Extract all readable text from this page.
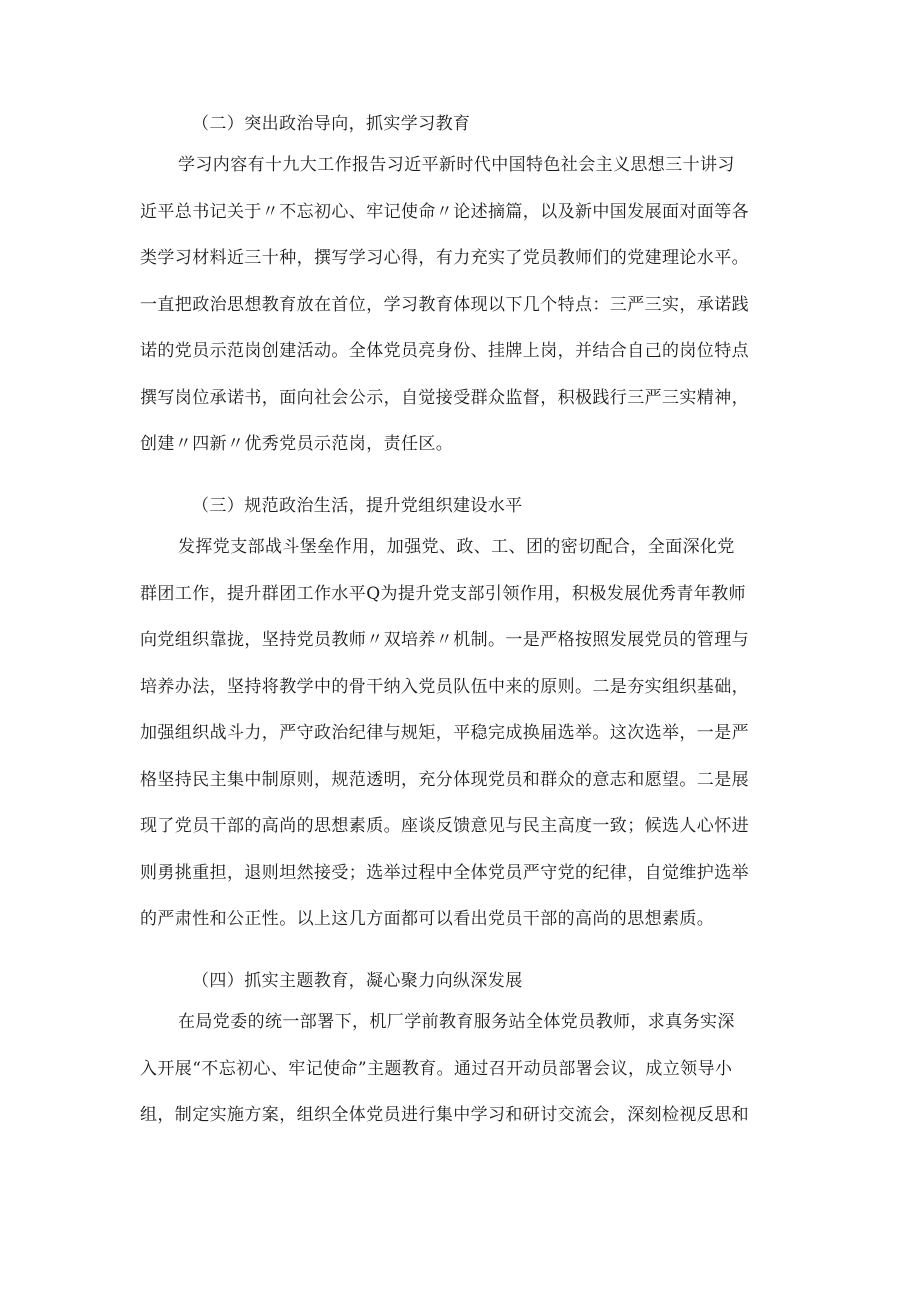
（二）突出政治导向，抓实学习教育
学习内容有十九大工作报告习近平新时代中国特色社会主义思想三十讲习
近平总书记关于〃不忘初心、牢记使命〃论述摘篇，以及新中国发展面对面等各
类学习材料近三十种，撰写学习心得，有力充实了党员教师们的党建理论水平。
一直把政治思想教育放在首位，学习教育体现以下几个特点：三严三实，承诺践
诺的党员示范岗创建活动。全体党员亮身份、挂牌上岗，并结合自己的岗位特点
撰写岗位承诺书，面向社会公示，自觉接受群众监督，积极践行三严三实精神，
创建〃四新〃优秀党员示范岗，责任区。
（三）规范政治生活，提升党组织建设水平
发挥党支部战斗堡垒作用，加强党、政、工、团的密切配合，全面深化党
群团工作，提升群团工作水平Q为提升党支部引领作用，积极发展优秀青年教师
向党组织靠拢，坚持党员教师〃双培养〃机制。一是严格按照发展党员的管理与
培养办法，坚持将教学中的骨干纳入党员队伍中来的原则。二是夯实组织基础，
加强组织战斗力，严守政治纪律与规矩，平稳完成换届选举。这次选举，一是严
格坚持民主集中制原则，规范透明，充分体现党员和群众的意志和愿望。二是展
现了党员干部的高尚的思想素质。座谈反馈意见与民主高度一致；候选人心怀进
则勇挑重担，退则坦然接受；选举过程中全体党员严守党的纪律，自觉维护选举
的严肃性和公正性。以上这几方面都可以看出党员干部的高尚的思想素质。
（四）抓实主题教育，凝心聚力向纵深发展
在局党委的统一部署下，机厂学前教育服务站全体党员教师，求真务实深
入开展“不忘初心、牢记使命”主题教育。通过召开动员部署会议，成立领导小
组，制定实施方案，组织全体党员进行集中学习和研讨交流会，深刻检视反思和
